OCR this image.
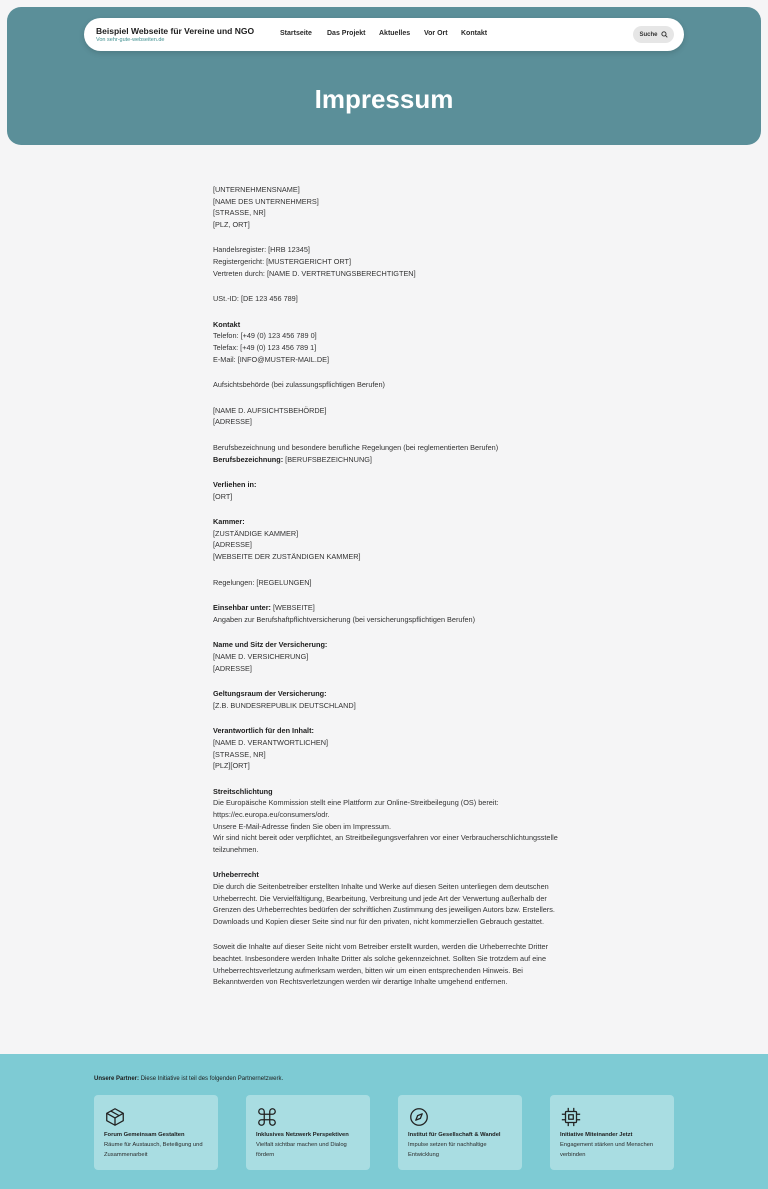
Beispiel Webseite für Vereine und NGO
Von sehr-gute-webseiten.de
Startseite Das Projekt Aktuelles Vor Ort Kontakt	Suche
Impressum

[UNTERNEHMENSNAME]
[NAME DES UNTERNEHMERS]
[STRASSE, NR]
[PLZ, ORT]

Handelsregister: [HRB 12345]
Registergericht: [MUSTERGERICHT ORT]
Vertreten durch: [NAME D. VERTRETUNGSBERECHTIGTEN]

USt.-ID: [DE 123 456 789]

Kontakt
Telefon: [+49 (0) 123 456 789 0]
Telefax: [+49 (0) 123 456 789 1]
E-Mail: [INFO@MUSTER-MAIL.DE]

Aufsichtsbehörde (bei zulassungspflichtigen Berufen)

[NAME D. AUFSICHTSBEHÖRDE]
[ADRESSE]

Berufsbezeichnung und besondere berufliche Regelungen (bei reglementierten Berufen)
Berufsbezeichnung: [BERUFSBEZEICHNUNG]

Verliehen in:
[ORT]

Kammer:
[ZUSTÄNDIGE KAMMER]
[ADRESSE]
[WEBSEITE DER ZUSTÄNDIGEN KAMMER]

Regelungen: [REGELUNGEN]

Einsehbar unter: [WEBSEITE]
Angaben zur Berufshaftpflichtversicherung (bei versicherungspflichtigen Berufen)

Name und Sitz der Versicherung:
[NAME D. VERSICHERUNG]
[ADRESSE]

Geltungsraum der Versicherung:
[Z.B. BUNDESREPUBLIK DEUTSCHLAND]

Verantwortlich für den Inhalt:
[NAME D. VERANTWORTLICHEN]
[STRASSE, NR]
[PLZ][ORT]

Streitschlichtung
Die Europäische Kommission stellt eine Plattform zur Online-Streitbeilegung (OS) bereit: https://ec.europa.eu/consumers/odr.
Unsere E-Mail-Adresse finden Sie oben im Impressum.
Wir sind nicht bereit oder verpflichtet, an Streitbeilegungsverfahren vor einer Verbraucherschlichtungsstelle teilzunehmen.

Urheberrecht
Die durch die Seitenbetreiber erstellten Inhalte und Werke auf diesen Seiten unterliegen dem deutschen Urheberrecht. Die Vervielfältigung, Bearbeitung, Verbreitung und jede Art der Verwertung außerhalb der Grenzen des Urheberrechtes bedürfen der schriftlichen Zustimmung des jeweiligen Autors bzw. Erstellers. Downloads und Kopien dieser Seite sind nur für den privaten, nicht kommerziellen Gebrauch gestattet.

Soweit die Inhalte auf dieser Seite nicht vom Betreiber erstellt wurden, werden die Urheberrechte Dritter beachtet. Insbesondere werden Inhalte Dritter als solche gekennzeichnet. Sollten Sie trotzdem auf eine Urheberrechtsverletzung aufmerksam werden, bitten wir um einen entsprechenden Hinweis. Bei Bekanntwerden von Rechtsverletzungen werden wir derartige Inhalte umgehend entfernen.

Unsere Partner: Diese Initiative ist teil des folgenden Partnernetzwerk.
Forum Gemeinsam Gestalten
Räume für Austausch, Beteiligung und Zusammenarbeit
Inklusives Netzwerk Perspektiven
Vielfalt sichtbar machen und Dialog fördern
Institut für Gesellschaft & Wandel
Impulse setzen für nachhaltige Entwicklung
Initiative Miteinander Jetzt
Engagement stärken und Menschen verbinden
